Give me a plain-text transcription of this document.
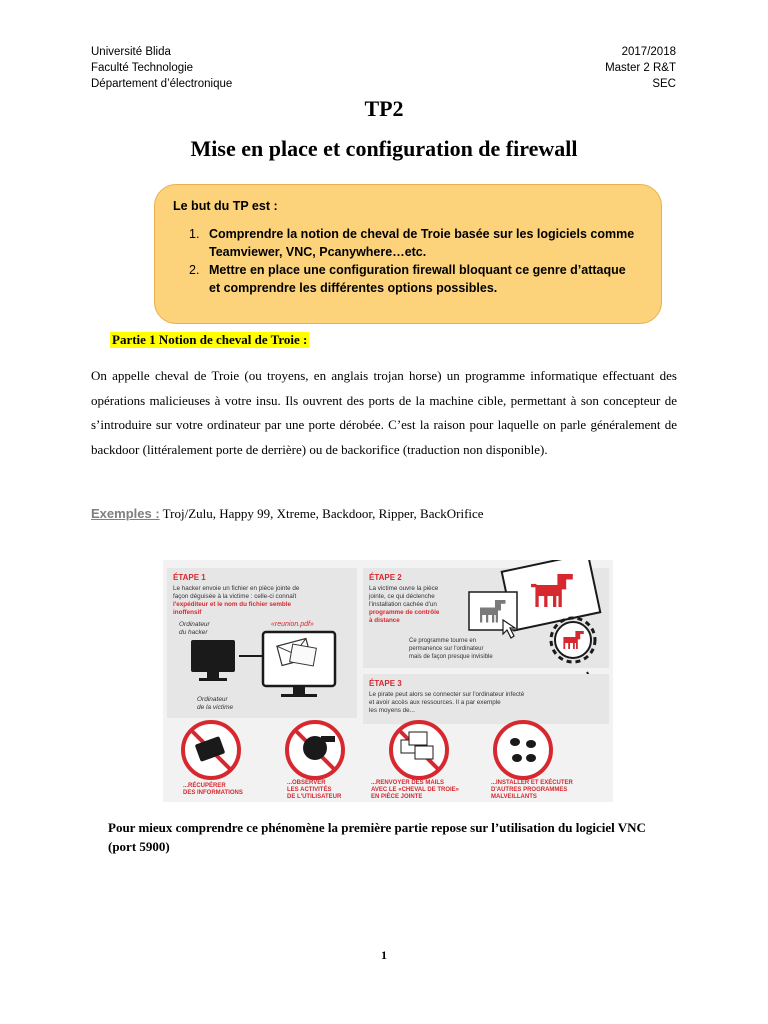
Université Blida
Faculté Technologie
Département d’électronique
2017/2018
Master 2 R&T
SEC
TP2
Mise en place et configuration de firewall
Le but du TP est :
1. Comprendre la notion de cheval de Troie basée sur les logiciels comme Teamviewer, VNC, Pcanywhere…etc.
2. Mettre en place une configuration firewall bloquant ce genre d’attaque et comprendre les différentes options possibles.
Partie 1 Notion de cheval de Troie :
On appelle cheval de Troie (ou troyens, en anglais trojan horse) un programme informatique effectuant des opérations malicieuses à votre insu. Ils ouvrent des ports de la machine cible, permettant à son concepteur de s’introduire sur votre ordinateur par une porte dérobée. C’est la raison pour laquelle on parle généralement de backdoor (littéralement porte de derrière) ou de backorifice (traduction non disponible).
Exemples : Troj/Zulu, Happy 99, Xtreme, Backdoor, Ripper, BackOrifice
ÉTAPE 1
Le hacker envoie un fichier en pièce jointe de
façon déguisée à la victime : celle-ci connaît
l'expéditeur et le nom du fichier semble
inoffensif
Ordinateur
du hacker
«reunion.pdf»
Ordinateur
de la victime
ÉTAPE 2
La victime ouvre la pièce
jointe, ce qui déclenche
l'installation cachée d'un
programme de contrôle
à distance
Ce programme tourne en
permanence sur l'ordinateur
mais de façon presque invisible
ÉTAPE 3
Le pirate peut alors se connecter sur l'ordinateur infecté
et avoir accès aux ressources. Il a par exemple
les moyens de...
...RÉCUPÉRER
DES INFORMATIONS
...OBSERVER
LES ACTIVITÉS
DE L'UTILISATEUR
...RENVOYER DES MAILS
AVEC LE «CHEVAL DE TROIE»
EN PIÈCE JOINTE
...INSTALLER ET EXÉCUTER
D'AUTRES PROGRAMMES
MALVEILLANTS
Pour mieux comprendre ce phénomène la première partie repose sur l’utilisation du logiciel VNC (port 5900)
1
